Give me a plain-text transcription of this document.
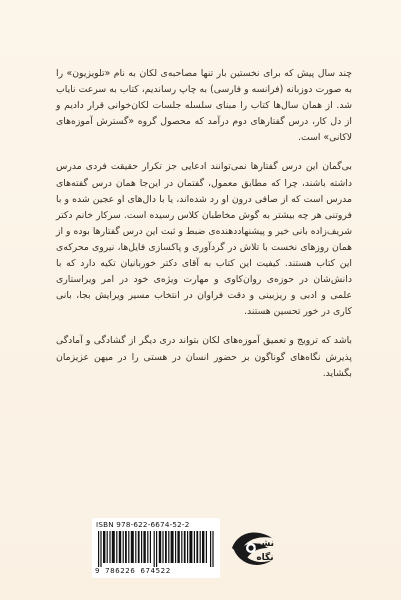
چند سال پیش که برای نخستین بار تنها مصاحبه‌ی لکان به نام «تلویزیون» را به صورت دوزبانه (فرانسه و فارسی) به چاپ رساندیم، کتاب به سرعت نایاب شد. از همان سال‌ها کتاب را مبنای سلسله جلسات لکان‌خوانی قرار دادیم و از دل کار، درس گفتارهای دوم درآمد که محصول گروه «گسترش آموزه‌های لاکانی» است.

بی‌گمان این درس گفتارها نمی‌توانند ادعایی جز تکرار حقیقت فردی مدرس داشته باشند، چرا که مطابق معمول، گفتمان در این‌جا همان درس گفته‌های مدرس است که از صافی درون او رد شده‌اند، یا با دال‌های او عجین شده و با فروتنی هر چه بیشتر به گوش مخاطبان کلاس رسیده است. سرکار خانم دکتر شریف‌زاده بانی خیر و پیشنهاددهنده‌ی ضبط و ثبت این درس گفتارها بوده و از همان روزهای نخست با تلاش در گردآوری و پاکسازی فایل‌ها، نیروی محرکه‌ی این کتاب هستند. کیفیت این کتاب به آقای دکتر خوربانیان تکیه دارد که با دانش‌شان در حوزه‌ی روان‌کاوی و مهارت ویژه‌ی خود در امر ویراستاری علمی و ادبی و ریزبینی و دقت فراوان در انتخاب مسیر ویرایش بجا، بانی کاری در خور تحسین هستند.

باشد که ترویج و تعمیق آموزه‌های لکان بتواند دری دیگر از گشادگی و آمادگی پذیرش نگاه‌های گوناگون بر حضور انسان در هستی را در میهن عزیزمان بگشاید.

ISBN 978-622-6674-52-2
9 786226 674522
نشر
نگاه
